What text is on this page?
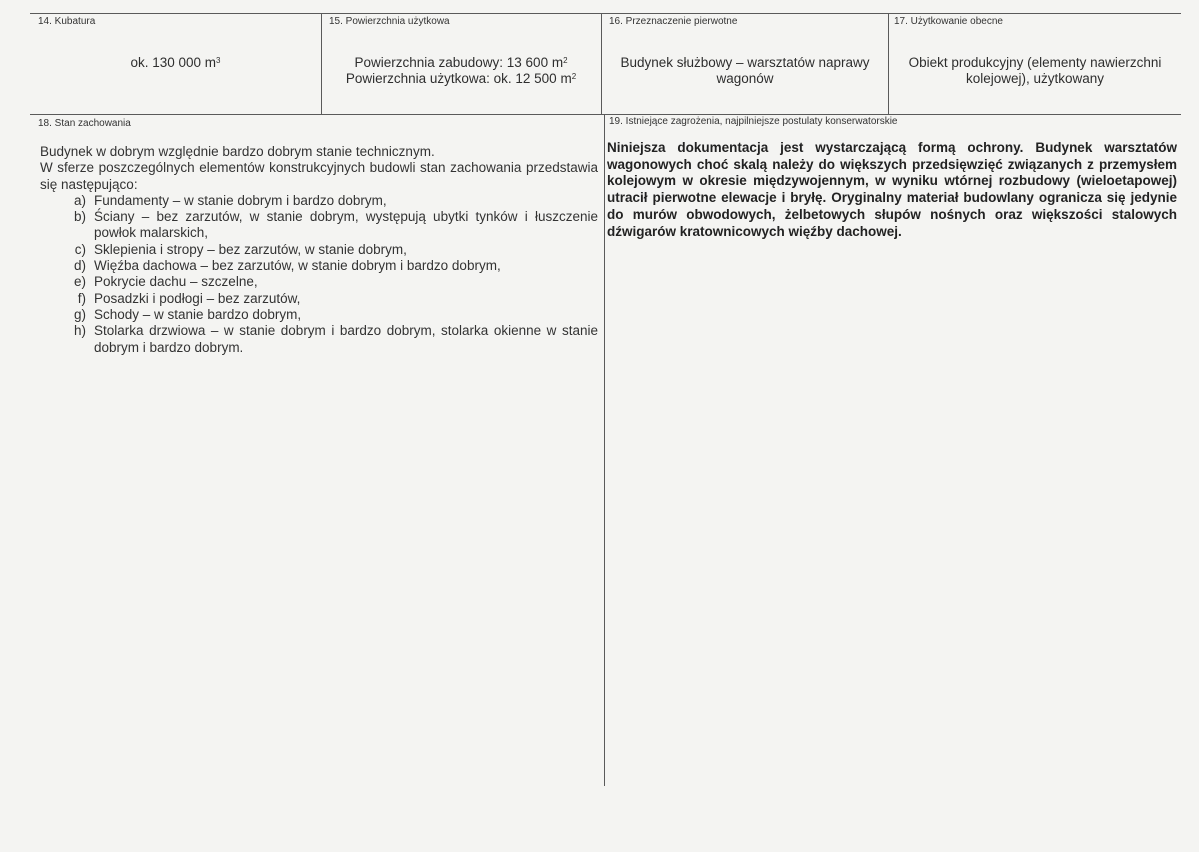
14. Kubatura
ok. 130 000 $m^3$
15. Powierzchnia użytkowa
Powierzchnia zabudowy: 13 600 $m^2$
Powierzchnia użytkowa: ok. 12 500 $m^2$
16. Przeznaczenie pierwotne
Budynek służbowy – warsztatów naprawy wagonów
17. Użytkowanie obecne
Obiekt produkcyjny (elementy nawierzchni kolejowej), użytkowany
18. Stan zachowania
Budynek w dobrym względnie bardzo dobrym stanie technicznym.
W sferze poszczególnych elementów konstrukcyjnych budowli stan zachowania przedstawia się następująco:
a) Fundamenty – w stanie dobrym i bardzo dobrym,
b) Ściany – bez zarzutów, w stanie dobrym, występują ubytki tynków i łuszczenie powłok malarskich,
c) Sklepienia i stropy – bez zarzutów, w stanie dobrym,
d) Więźba dachowa – bez zarzutów, w stanie dobrym i bardzo dobrym,
e) Pokrycie dachu – szczelne,
f) Posadzki i podłogi – bez zarzutów,
g) Schody – w stanie bardzo dobrym,
h) Stolarka drzwiowa – w stanie dobrym i bardzo dobrym, stolarka okienne w stanie dobrym i bardzo dobrym.
19. Istniejące zagrożenia, najpilniejsze postulaty konserwatorskie
Niniejsza dokumentacja jest wystarczającą formą ochrony. Budynek warsztatów wagonowych choć skalą należy do większych przedsięwzięć związanych z przemysłem kolejowym w okresie międzywojennym, w wyniku wtórnej rozbudowy (wieloetapowej) utracił pierwotne elewacje i bryłę. Oryginalny materiał budowlany ogranicza się jedynie do murów obwodowych, żelbetowych słupów nośnych oraz większości stalowych dźwigarów kratownicowych więźby dachowej.
